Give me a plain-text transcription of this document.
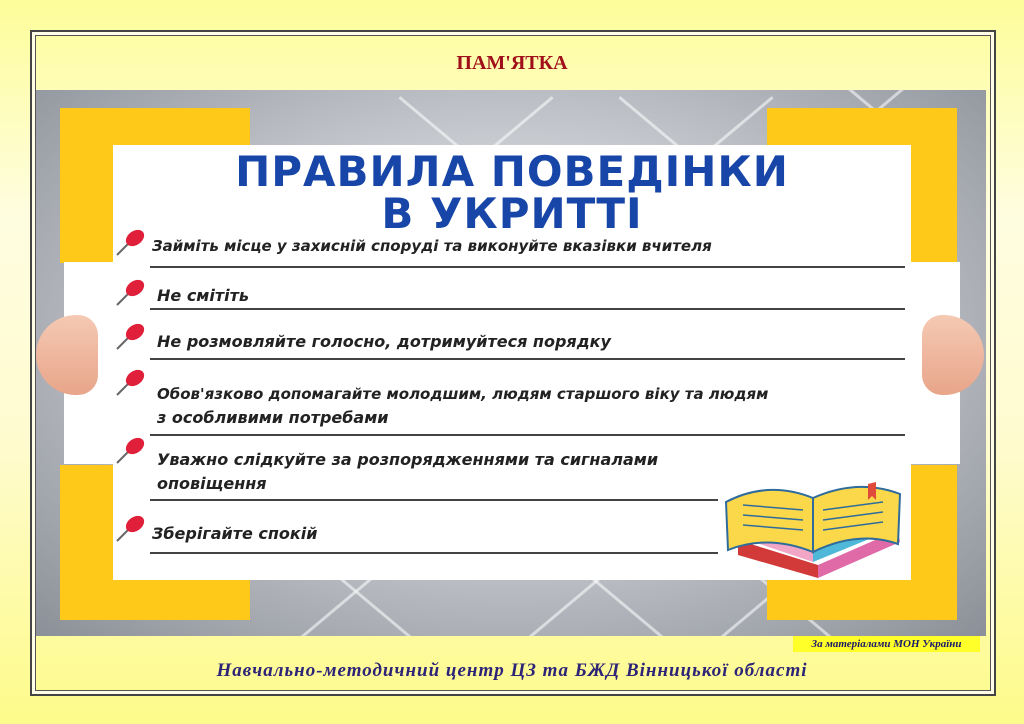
ПАМ'ЯТКА
ПРАВИЛА ПОВЕДІНКИ
В УКРИТТІ
Займіть місце у захисній споруді та виконуйте вказівки вчителя
Не смітіть
Не розмовляйте голосно, дотримуйтеся порядку
Обов'язково допомагайте молодшим, людям старшого віку та людям
з особливими потребами
Уважно слідкуйте за розпорядженнями та сигналами
оповіщення
Зберігайте спокій
За матеріалами МОН України
Навчально-методичний центр ЦЗ та БЖД Вінницької області
